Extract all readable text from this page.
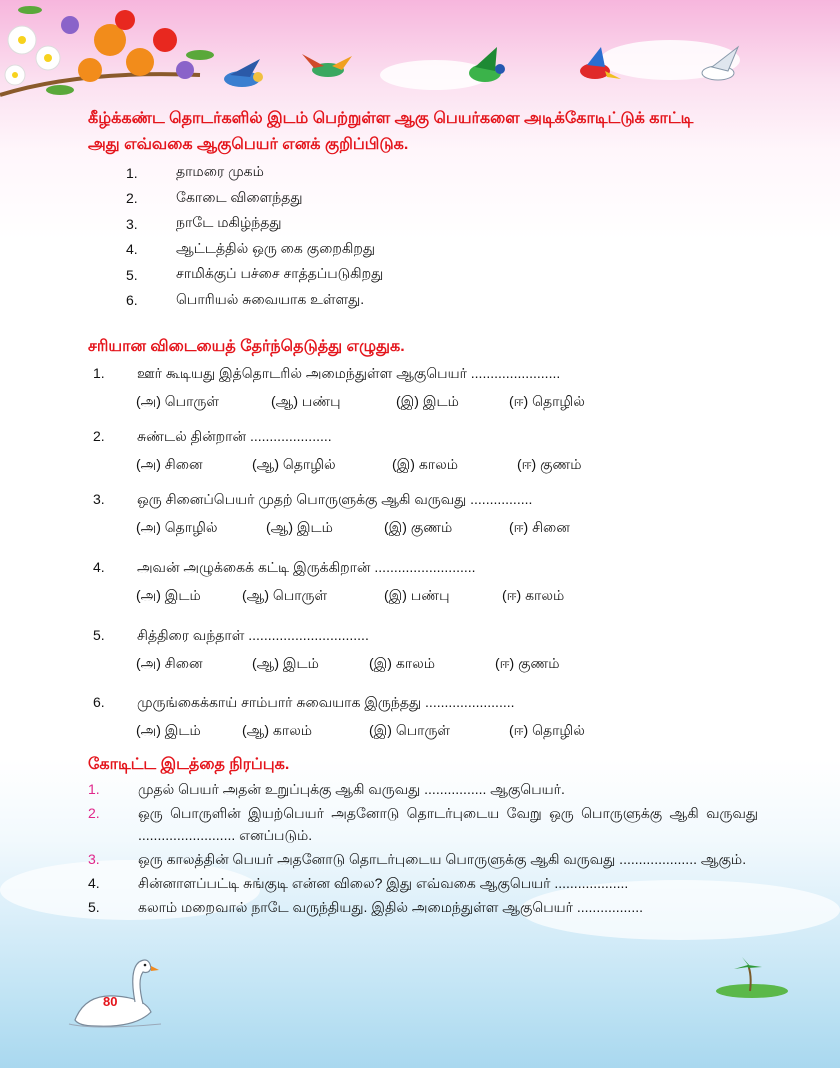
கீழ்க்கண்ட தொடர்களில் இடம் பெற்றுள்ள ஆகு பெயர்களை அடிக்கோடிட்டுக் காட்டி

அது எவ்வகை ஆகுபெயர் எனக் குறிப்பிடுக.

1.	தாமரை முகம்
2.	கோடை விளைந்தது
3.	நாடே மகிழ்ந்தது
4.	ஆட்டத்தில் ஒரு கை குறைகிறது
5.	சாமிக்குப் பச்சை சாத்தப்படுகிறது
6.	பொரியல் சுவையாக உள்ளது.

சரியான விடையைத் தேர்ந்தெடுத்து எழுதுக.

1.	ஊர் கூடியது இத்தொடரில் அமைந்துள்ள ஆகுபெயர் .......................
(அ) பொருள்	(ஆ) பண்பு	(இ) இடம்	(ஈ) தொழில்
2.	சுண்டல் தின்றான் .....................
(அ) சினை	(ஆ) தொழில்	(இ) காலம்	(ஈ) குணம்
3.	ஒரு சினைப்பெயர் முதற் பொருளுக்கு ஆகி வருவது ................
(அ) தொழில்	(ஆ) இடம்	(இ) குணம்	(ஈ) சினை
4.	அவன் அழுக்கைக் கட்டி இருக்கிறான் ..........................
(அ) இடம்	(ஆ) பொருள்	(இ) பண்பு	(ஈ) காலம்
5.	சித்திரை வந்தாள் ...............................
(அ) சினை	(ஆ) இடம்	(இ) காலம்	(ஈ) குணம்
6.	முருங்கைக்காய் சாம்பார் சுவையாக இருந்தது .......................
(அ) இடம்	(ஆ) காலம்	(இ) பொருள்	(ஈ) தொழில்

கோடிட்ட இடத்தை நிரப்புக.

1.	முதல் பெயர் அதன் உறுப்புக்கு ஆகி வருவது ................ ஆகுபெயர்.
2.	ஒரு பொருளின் இயற்பெயர் அதனோடு தொடர்புடைய வேறு ஒரு பொருளுக்கு ஆகி வருவது ......................... எனப்படும்.
3.	ஒரு காலத்தின் பெயர் அதனோடு தொடர்புடைய பொருளுக்கு ஆகி வருவது .................... ஆகும்.
4.	சின்னாளப்பட்டி சுங்குடி என்ன விலை? இது எவ்வகை ஆகுபெயர் ...................
5.	கலாம் மறைவால் நாடே வருந்தியது. இதில் அமைந்துள்ள ஆகுபெயர் .................
80
